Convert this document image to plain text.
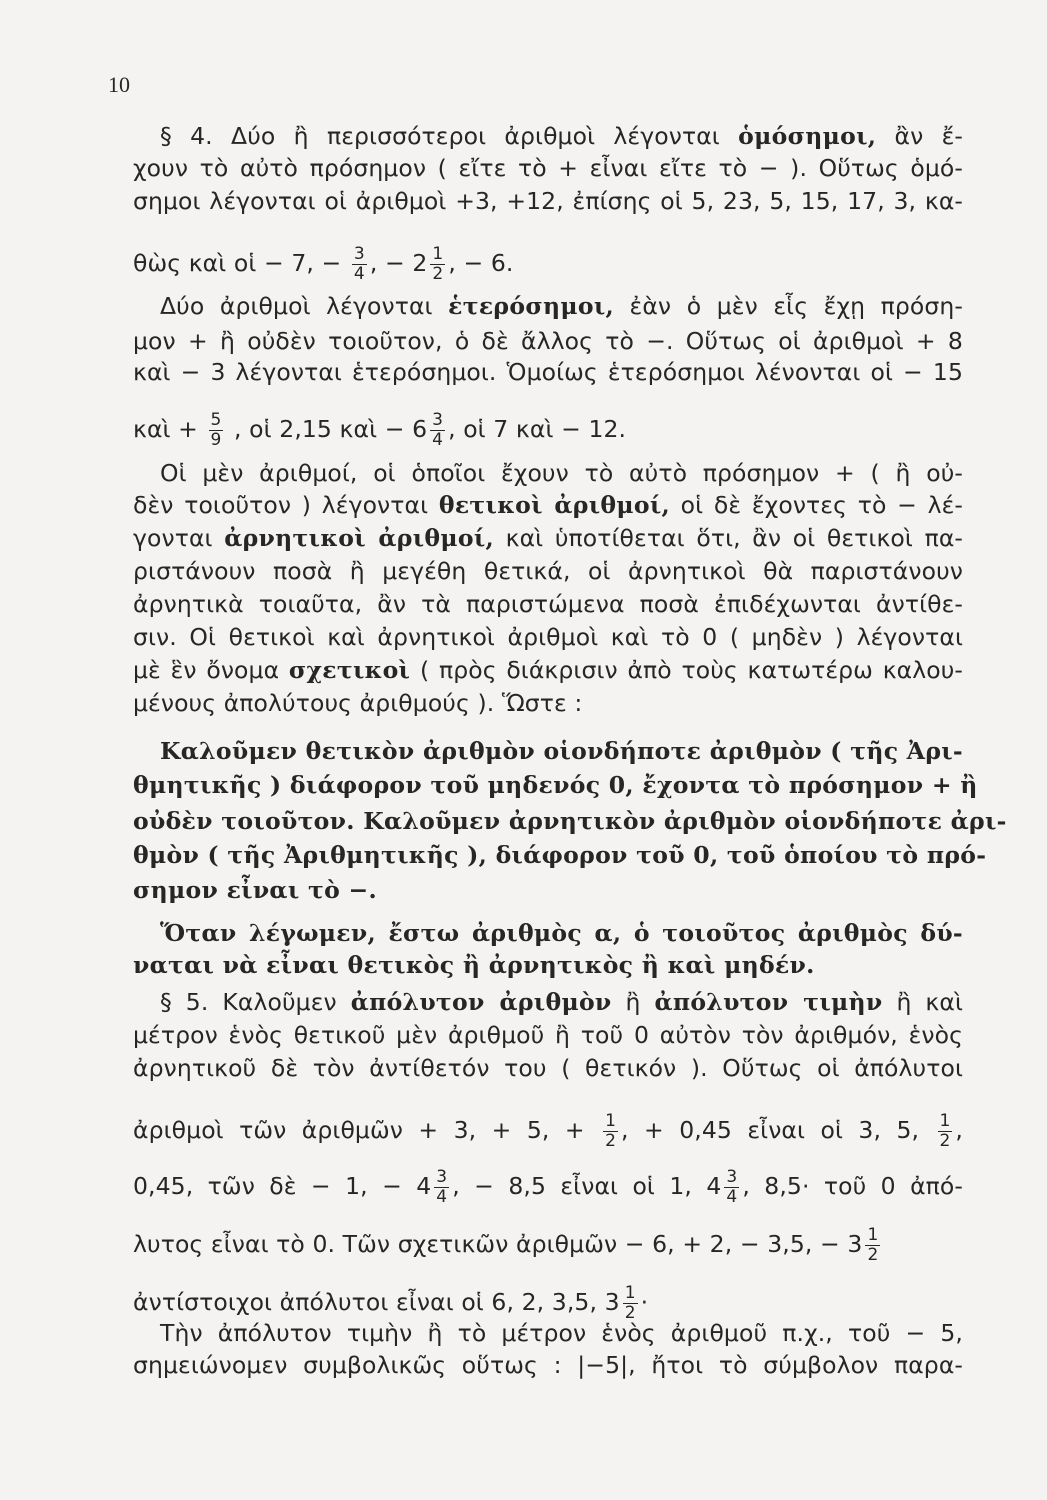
10
§ 4. Δύο ἢ περισσότεροι ἀριθμοὶ λέγονται ὁμόσημοι, ἂν ἔ-
χουν τὸ αὐτὸ πρόσημον ( εἴτε τὸ + εἶναι εἴτε τὸ − ). Οὕτως ὁμό-
σημοι λέγονται οἱ ἀριθμοὶ +3, +12, ἐπίσης οἱ 5, 23, 5, 15, 17, 3, κα-
θὼς καὶ οἱ − 7, − $\frac{3}{4}$ , − $2 \frac{1}{2}$ , − 6.
Δύο ἀριθμοὶ λέγονται ἑτερόσημοι, ἐὰν ὁ μὲν εἷς ἔχῃ πρόση-
μον + ἢ οὐδὲν τοιοῦτον, ὁ δὲ ἄλλος τὸ −. Οὕτως οἱ ἀριθμοὶ + 8
καὶ − 3 λέγονται ἑτερόσημοι. Ὁμοίως ἑτερόσημοι λένονται οἱ − 15
καὶ + $\frac{5}{9}$ , οἱ 2,15 καὶ − $6 \frac{3}{4}$ , οἱ 7 καὶ − 12.
Οἱ μὲν ἀριθμοί, οἱ ὁποῖοι ἔχουν τὸ αὐτὸ πρόσημον + ( ἢ οὐ-
δὲν τοιοῦτον ) λέγονται θετικοὶ ἀριθμοί, οἱ δὲ ἔχοντες τὸ − λέ-
γονται ἀρνητικοὶ ἀριθμοί, καὶ ὑποτίθεται ὅτι, ἂν οἱ θετικοὶ πα-
ριστάνουν ποσὰ ἢ μεγέθη θετικά, οἱ ἀρνητικοὶ θὰ παριστάνουν
ἀρνητικὰ τοιαῦτα, ἂν τὰ παριστώμενα ποσὰ ἐπιδέχωνται ἀντίθε-
σιν. Οἱ θετικοὶ καὶ ἀρνητικοὶ ἀριθμοὶ καὶ τὸ 0 ( μηδὲν ) λέγονται
μὲ ἓν ὄνομα σχετικοὶ ( πρὸς διάκρισιν ἀπὸ τοὺς κατωτέρω καλου-
μένους ἀπολύτους ἀριθμούς ). Ὥστε :
Καλοῦμεν θετικὸν ἀριθμὸν οἱονδήποτε ἀριθμὸν ( τῆς Ἀρι-
θμητικῆς ) διάφορον τοῦ μηδενός 0, ἔχοντα τὸ πρόσημον + ἢ
οὐδὲν τοιοῦτον. Καλοῦμεν ἀρνητικὸν ἀριθμὸν οἱονδήποτε ἀρι-
θμὸν ( τῆς Ἀριθμητικῆς ), διάφορον τοῦ 0, τοῦ ὁποίου τὸ πρό-
σημον εἶναι τὸ −.
Ὅταν λέγωμεν, ἔστω ἀριθμὸς α, ὁ τοιοῦτος ἀριθμὸς δύ-
ναται νὰ εἶναι θετικὸς ἢ ἀρνητικὸς ἢ καὶ μηδέν.
§ 5. Καλοῦμεν ἀπόλυτον ἀριθμὸν ἢ ἀπόλυτον τιμὴν ἢ καὶ
μέτρον ἑνὸς θετικοῦ μὲν ἀριθμοῦ ἢ τοῦ 0 αὐτὸν τὸν ἀριθμόν, ἑνὸς
ἀρνητικοῦ δὲ τὸν ἀντίθετόν του ( θετικόν ). Οὕτως οἱ ἀπόλυτοι
ἀριθμοὶ τῶν ἀριθμῶν + 3, + 5, + $\frac{1}{2}$ , + 0,45 εἶναι οἱ 3, 5, $\frac{1}{2}$ ,
0,45, τῶν δὲ − 1, − $4 \frac{3}{4}$ , − 8,5 εἶναι οἱ 1, $4 \frac{3}{4}$ , 8,5· τοῦ 0 ἀπό-
λυτος εἶναι τὸ 0. Τῶν σχετικῶν ἀριθμῶν − 6, + 2, − 3,5, − $3 \frac{1}{2}$
ἀντίστοιχοι ἀπόλυτοι εἶναι οἱ 6, 2, 3,5, $3 \frac{1}{2}$ ·
Τὴν ἀπόλυτον τιμὴν ἢ τὸ μέτρον ἑνὸς ἀριθμοῦ π.χ., τοῦ − 5,
σημειώνομεν συμβολικῶς οὕτως : |−5|, ἤτοι τὸ σύμβολον παρα-
